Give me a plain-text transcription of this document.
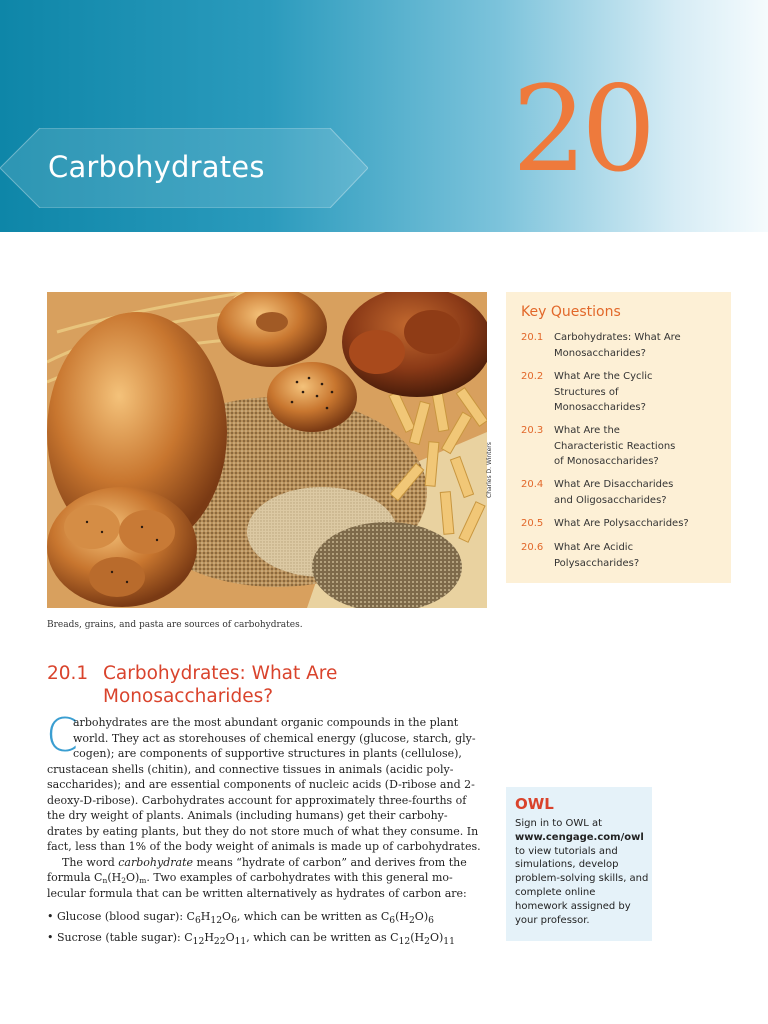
Carbohydrates 20
Charles D. Winters
Breads, grains, and pasta are sources of carbohydrates.
Key Questions
20.1	Carbohydrates: What Are
Monosaccharides?
20.2	What Are the Cyclic
Structures of
Monosaccharides?
20.3	What Are the
Characteristic Reactions
of Monosaccharides?
20.4	What Are Disaccharides
and Oligosaccharides?
20.5	What Are Polysaccharides?
20.6	What Are Acidic
Polysaccharides?
20.1 Carbohydrates: What Are
Monosaccharides?
C
arbohydrates are the most abundant organic compounds in the plant
world. They act as storehouses of chemical energy (glucose, starch, gly-
cogen); are components of supportive structures in plants (cellulose),
crustacean shells (chitin), and connective tissues in animals (acidic poly-
saccharides); and are essential components of nucleic acids (D-ribose and 2-
deoxy-D-ribose). Carbohydrates account for approximately three-fourths of
the dry weight of plants. Animals (including humans) get their carbohy-
drates by eating plants, but they do not store much of what they consume. In
fact, less than 1% of the body weight of animals is made up of carbohydrates.
The word carbohydrate means “hydrate of carbon” and derives from the
formula $C_n(H_2O)_m$. Two examples of carbohydrates with this general mo-
lecular formula that can be written alternatively as hydrates of carbon are:
• Glucose (blood sugar): $C_6H_{12}O_6$, which can be written as $C_6(H_2O)_6$
• Sucrose (table sugar): $C_{12}H_{22}O_{11}$, which can be written as $C_{12}(H_2O)_{11}$
OWL
Sign in to OWL at
www.cengage.com/owl
to view tutorials and simulations, develop problem-solving skills, and complete online homework assigned by your professor.
